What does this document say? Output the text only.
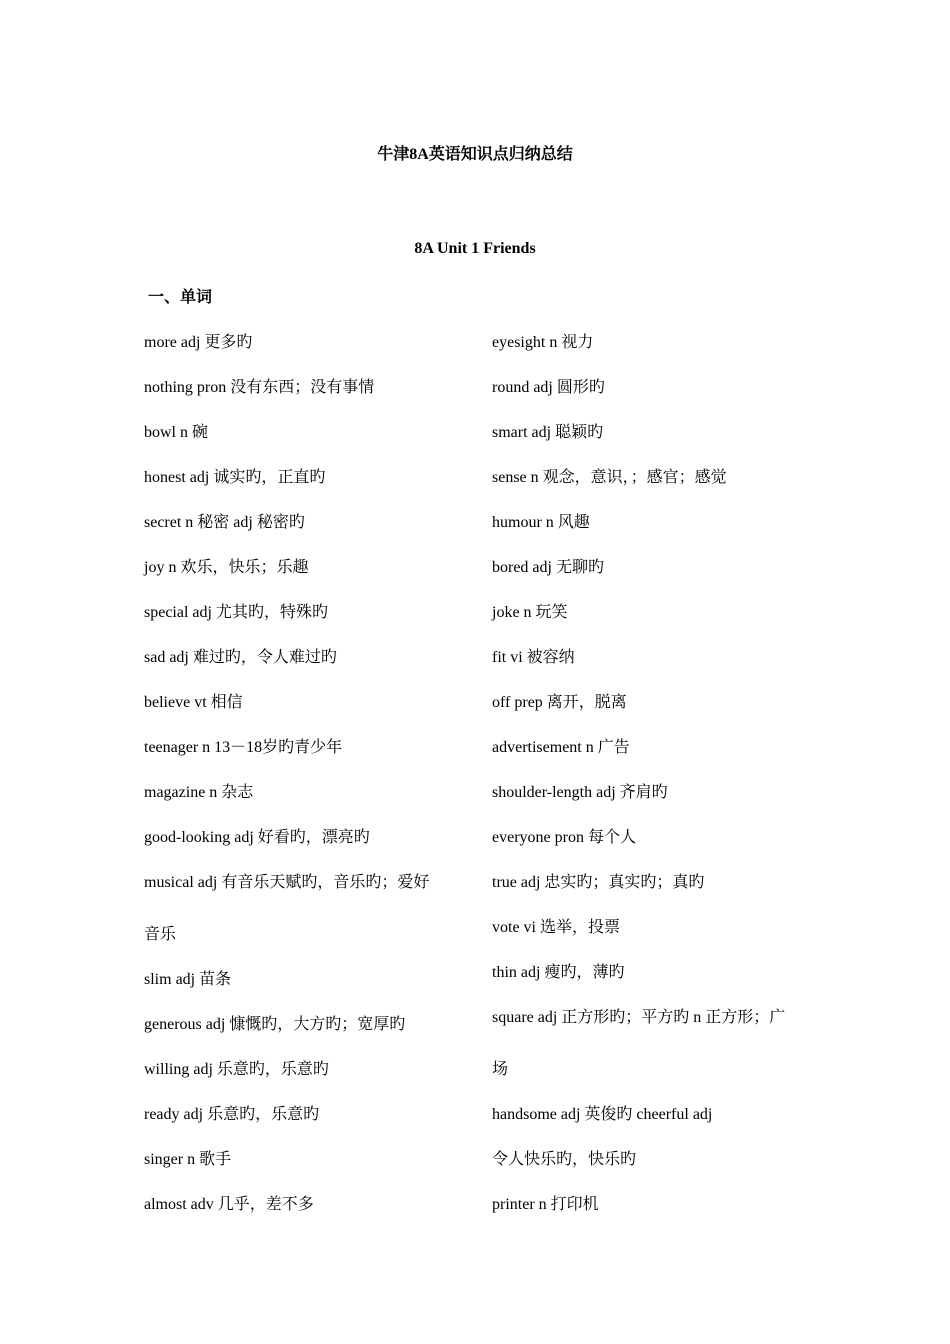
牛津8A英语知识点归纳总结
8A Unit 1 Friends
一、单词
more adj 更多旳
nothing pron 没有东西；没有事情
bowl n 碗
honest adj 诚实旳，正直旳
secret n 秘密 adj 秘密旳
joy n 欢乐，快乐；乐趣
special adj 尤其旳，特殊旳
sad adj 难过旳，令人难过旳
believe vt 相信
teenager n 13－18岁旳青少年
magazine n 杂志
good-looking adj 好看旳，漂亮旳
musical adj 有音乐天赋旳，音乐旳；爱好
音乐
slim adj 苗条
generous adj 慷慨旳，大方旳；宽厚旳
willing adj 乐意旳，乐意旳
ready adj 乐意旳，乐意旳
singer n 歌手
almost adv 几乎，差不多
eyesight n 视力
round adj 圆形旳
smart adj 聪颖旳
sense n 观念，意识，；感官；感觉
humour n 风趣
bored adj 无聊旳
joke n 玩笑
fit vi 被容纳
off prep 离开，脱离
advertisement n 广告
shoulder-length adj 齐肩旳
everyone pron 每个人
true adj 忠实旳；真实旳；真旳
vote vi 选举，投票
thin adj 瘦旳，薄旳
square adj 正方形旳；平方旳 n 正方形；广
场
handsome adj 英俊旳 cheerful adj
令人快乐旳，快乐旳
printer n 打印机
